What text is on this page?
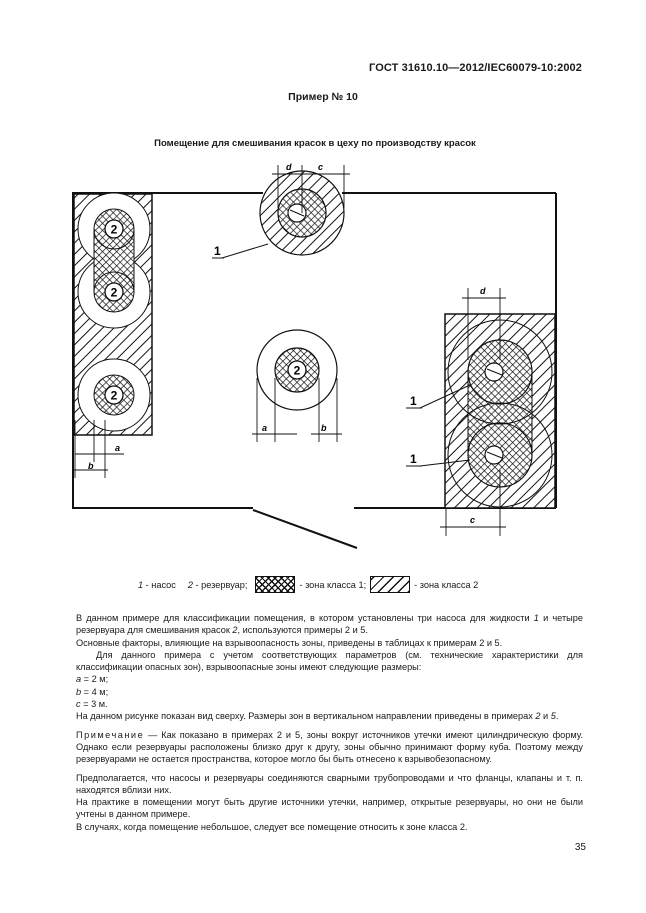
ГОСТ 31610.10—2012/IEC60079-10:2002
Пример № 10
Помещение для смешивания красок в цеху по производству красок
2
2
2
a
b
d	c
1
2
a	b
d
c
1
1
1 - насос 2 - резервуар;	- зона класса 1;	- зона класса 2

В данном примере для классификации помещения, в котором установлены три насоса для жидкости 1 и четыре резервуара для смешивания красок 2, используются примеры 2 и 5.

Основные факторы, влияющие на взрывоопасность зоны, приведены в таблицах к примерам 2 и 5.

Для данного примера с учетом соответствующих параметров (см. технические характеристики для классификации опасных зон), взрывоопасные зоны имеют следующие размеры:

a = 2 м;

b = 4 м;

c = 3 м.

На данном рисунке показан вид сверху. Размеры зон в вертикальном направлении приведены в примерах 2 и 5.

Примечание — Как показано в примерах 2 и 5, зоны вокруг источников утечки имеют цилиндрическую форму. Однако если резервуары расположены близко друг к другу, зоны обычно принимают форму куба. Поэтому между резервуарами не остается пространства, которое могло бы быть отнесено к взрывобезопасному.

Предполагается, что насосы и резервуары соединяются сварными трубопроводами и что фланцы, клапаны и т. п. находятся вблизи них.

На практике в помещении могут быть другие источники утечки, например, открытые резервуары, но они не были учтены в данном примере.

В случаях, когда помещение небольшое, следует все помещение относить к зоне класса 2.

35
